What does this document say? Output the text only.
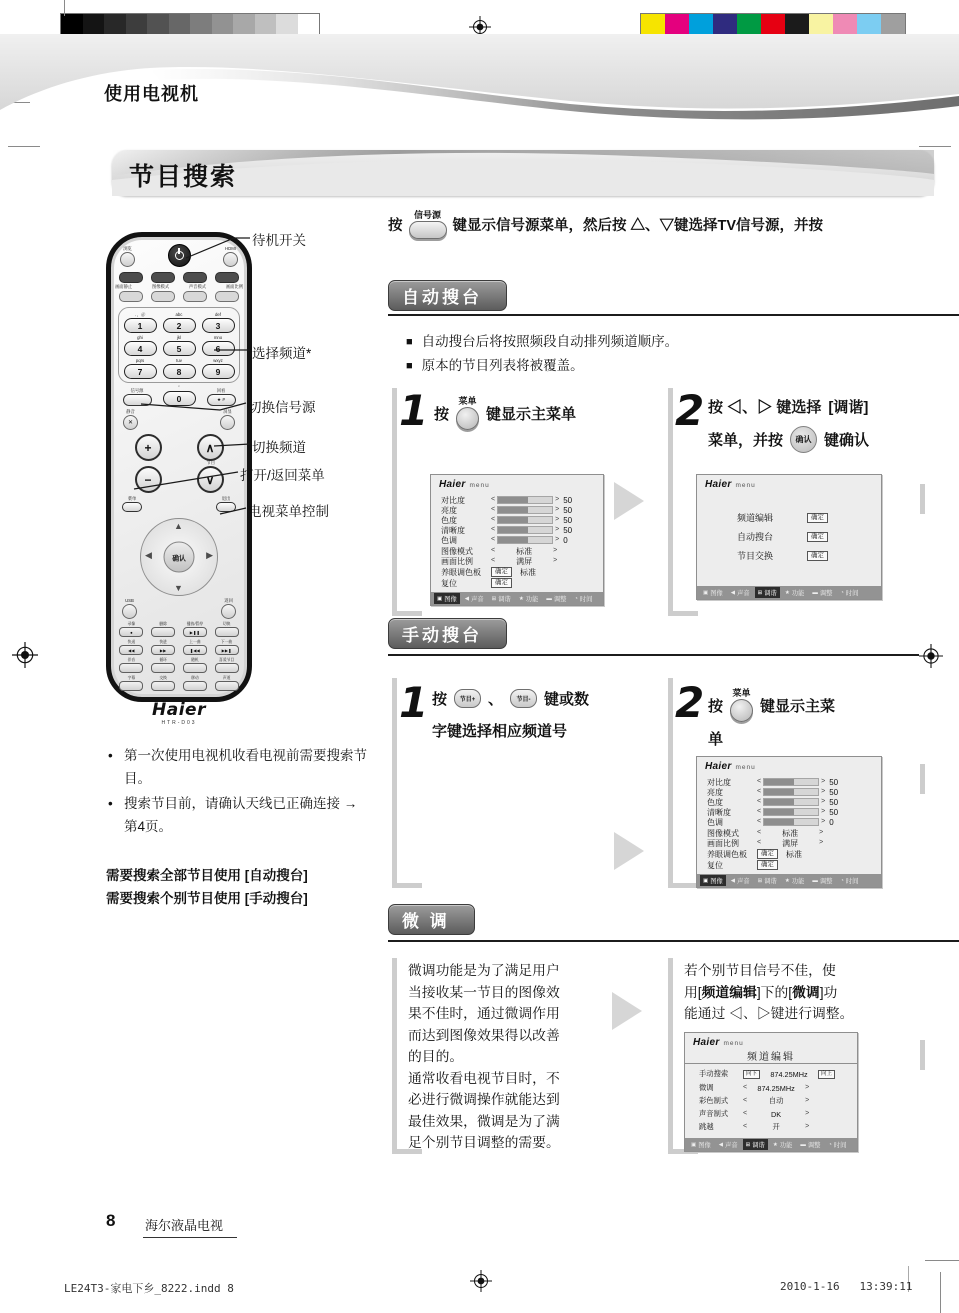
使用电视机
节目搜索
浏览	HDMI
画面静止	图像模式	声音模式	画面比例
．，＠
1
abc
2
def
3
ghi
4
jkl
5
mno
6
pqrs
7
tuv
8
wxyz
9
信号源
˘
0
回看
★ #
静音
✕
屏显
+	∧
−	∨
节目
菜单	退出
▲
▼
◀	▶
确认
USB	返回
录像
●
删除	播放/暂停
▶❚❚
切换
快退
◀◀
快进
▶▶
上一曲
❚◀◀
下一曲
▶▶❚
伴音	循环	随机	喜爱节目
字幕	交换	移动	声道
Haier
HTR-D03
待机开关
选择频道*
切换信号源
切换频道
打开/返回菜单
电视菜单控制
• 第一次使用电视机收看电视前需要搜索节目。
• 搜索节目前，请确认天线已正确连接 → 第4页。
需要搜索全部节目使用 [自动搜台]
需要搜索个别节目使用 [手动搜台]
按
信号源
键显示信号源菜单，然后按 △、▽键选择TV信号源，并按
自动搜台
■ 自动搜台后将按照频段自动排列频道顺序。
■ 原本的节目列表将被覆盖。
1 按
菜单
键显示主菜单
Haier menu
对比度	<	> 50
亮度	<	> 50
色度	<	> 50
清晰度	<	> 50
色调	<	> 0
图像模式	<	标准	>
画面比例	<	满屏	>
养眼调色板	确定	标准
复位	确定
▣ 图像 ◀ 声音 ⊞ 调谐 ★ 功能 ▬ 调整 ◔ 时间
2 按 ◁、▷ 键选择 [调谐]
菜单，并按	确认 键确认
Haier menu
频道编辑	确定
自动搜台	确定
节目交换	确定
▣ 图像 ◀ 声音 ⊞ 调谐 ★ 功能 ▬ 调整 ◔ 时间
手动搜台
1 按	节目+ 、	节目- 键或数
字键选择相应频道号
2 按
菜单
键显示主菜
单
Haier menu
对比度	<	> 50
亮度	<	> 50
色度	<	> 50
清晰度	<	> 50
色调	<	> 0
图像模式	<	标准	>
画面比例	<	满屏	>
养眼调色板	确定	标准
复位	确定
▣ 图像 ◀ 声音 ⊞ 调谐 ★ 功能 ▬ 调整 ◔ 时间
微 调
微调功能是为了满足用户
当接收某一节目的图像效
果不佳时，通过微调作用
而达到图像效果得以改善
的目的。
通常收看电视节目时，不
必进行微调操作就能达到
最佳效果，微调是为了满
足个别节目调整的需要。
若个别节目信号不佳，使
用[频道编辑]下的[微调]功
能通过 ◁、▷键进行调整。
Haier menu
频道编辑
手动搜索	向下	874.25MHz	向上
微调	<	874.25MHz	>
彩色制式	<	自动	>
声音制式	<	DK	>
跳越	<	开	>
▣ 图像 ◀ 声音 ⊞ 调谐 ★ 功能 ▬ 调整 ◔ 时间
8 海尔液晶电视
LE24T3-家电下乡_8222.indd 8	2010-1-16 13:39:11
